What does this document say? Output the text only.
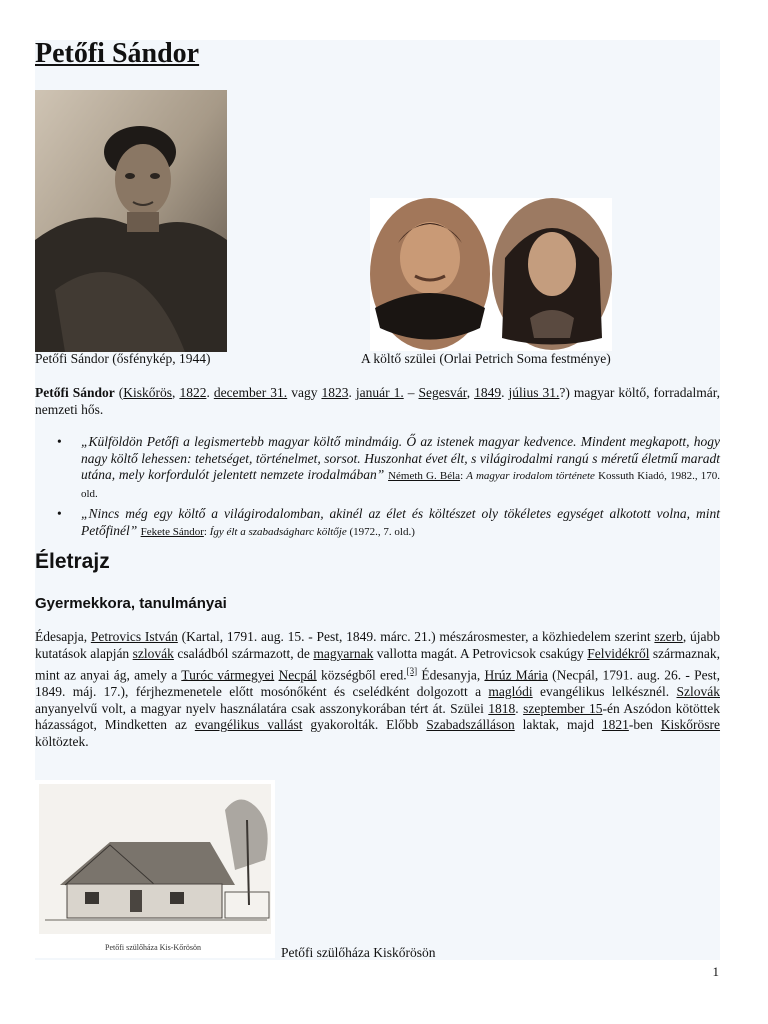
Petőfi Sándor
Petőfi Sándor (ősfénykép, 1944)	A költő szülei (Orlai Petrich Soma festménye)

Petőfi Sándor (Kiskőrös, 1822. december 31. vagy 1823. január 1. – Segesvár, 1849. július 31.?) magyar költő, forradalmár, nemzeti hős.

• „Külföldön Petőfi a legismertebb magyar költő mindmáig. Ő az istenek magyar kedvence. Mindent megkapott, hogy nagy költő lehessen: tehetséget, történelmet, sorsot. Huszonhat évet élt, s világirodalmi rangú s méretű életmű maradt utána, mely korfordulót jelentett nemzete irodalmában” Németh G. Béla: A magyar irodalom története Kossuth Kiadó, 1982., 170. old.
• „Nincs még egy költő a világirodalomban, akinél az élet és költészet oly tökéletes egységet alkotott volna, mint Petőfinél” Fekete Sándor: Így élt a szabadságharc költője (1972., 7. old.)
Életrajz
Gyermekkora, tanulmányai

Édesapja, Petrovics István (Kartal, 1791. aug. 15. - Pest, 1849. márc. 21.) mészárosmester, a közhiedelem szerint szerb, újabb kutatások alapján szlovák családból származott, de magyarnak vallotta magát. A Petrovicsok csakúgy Felvidékről származnak, mint az anyai ág, amely a Turóc vármegyei Necpál községből ered.[3] Édesanyja, Hrúz Mária (Necpál, 1791. aug. 26. - Pest, 1849. máj. 17.), férjhezmenetele előtt mosónőként és cselédként dolgozott a maglódi evangélikus lelkésznél. Szlovák anyanyelvű volt, a magyar nyelv használatára csak asszonykorában tért át. Szülei 1818. szeptember 15-én Aszódon kötöttek házasságot, Mindketten az evangélikus vallást gyakorolták. Előbb Szabadszálláson laktak, majd 1821-ben Kiskőrösre költöztek.

Petőfi szülőháza Kis-Kőrösön	Petőfi szülőháza Kiskőrösön
1
